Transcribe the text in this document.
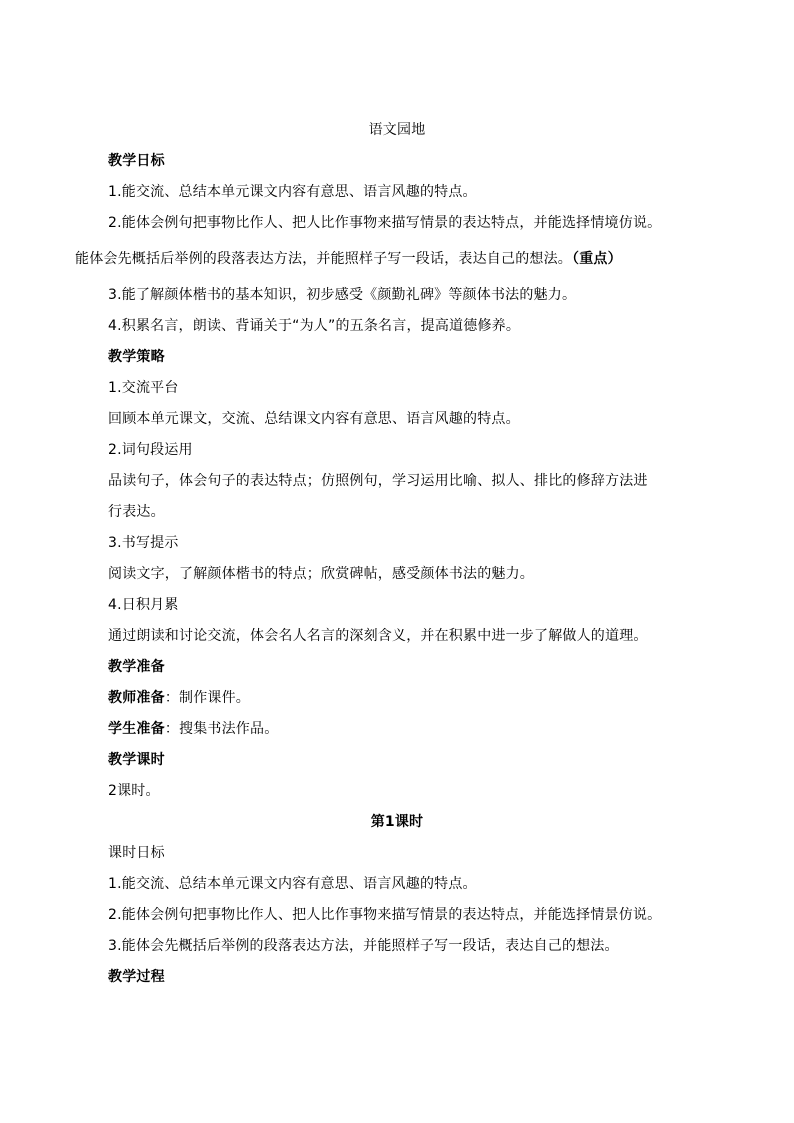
语文园地
教学日标
1.能交流、总结本单元课文内容有意思、语言风趣的特点。
2.能体会例句把事物比作人、把人比作事物来描写情景的表达特点，并能选择情境仿说。
能体会先概括后举例的段落表达方法，并能照样子写一段话，表达自己的想法。（重点）
3.能了解颜体楷书的基本知识，初步感受《颜勤礼碑》等颜体书法的魅力。
4.积累名言，朗读、背诵关于“为人”的五条名言，提高道德修养。
教学策略
1.交流平台
回顾本单元课文，交流、总结课文内容有意思、语言风趣的特点。
2.词句段运用
品读句子，体会句子的表达特点；仿照例句，学习运用比喻、拟人、排比的修辞方法进
行表达。
3.书写提示
阅读文字，了解颜体楷书的特点；欣赏碑帖，感受颜体书法的魅力。
4.日积月累
通过朗读和讨论交流，体会名人名言的深刻含义，并在积累中进一步了解做人的道理。
教学准备
教师准备：制作课件。
学生准备：搜集书法作品。
教学课时
2课时。
第1课时
课时日标
1.能交流、总结本单元课文内容有意思、语言风趣的特点。
2.能体会例句把事物比作人、把人比作事物来描写情景的表达特点，并能选择情景仿说。
3.能体会先概括后举例的段落表达方法，并能照样子写一段话，表达自己的想法。
教学过程
